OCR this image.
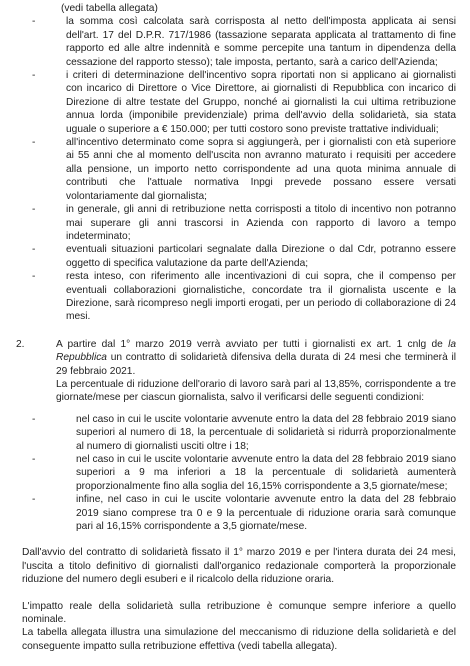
(vedi tabella allegata)
-	la somma così calcolata sarà corrisposta al netto dell'imposta applicata ai sensi dell'art. 17 del D.P.R. 717/1986 (tassazione separata applicata al trattamento di fine rapporto ed alle altre indennità e somme percepite una tantum in dipendenza della cessazione del rapporto stesso); tale imposta, pertanto, sarà a carico dell'Azienda;
-	i criteri di determinazione dell'incentivo sopra riportati non si applicano ai giornalisti con incarico di Direttore o Vice Direttore, ai giornalisti di Repubblica con incarico di Direzione di altre testate del Gruppo, nonché ai giornalisti la cui ultima retribuzione annua lorda (imponibile previdenziale) prima dell'avvio della solidarietà, sia stata uguale o superiore a € 150.000; per tutti costoro sono previste trattative individuali;
-	all'incentivo determinato come sopra si aggiungerà, per i giornalisti con età superiore ai 55 anni che al momento dell'uscita non avranno maturato i requisiti per accedere alla pensione, un importo netto corrispondente ad una quota minima annuale di contributi che l'attuale normativa Inpgi prevede possano essere versati volontariamente dal giornalista;
-	in generale, gli anni di retribuzione netta corrisposti a titolo di incentivo non potranno mai superare gli anni trascorsi in Azienda con rapporto di lavoro a tempo indeterminato;
-	eventuali situazioni particolari segnalate dalla Direzione o dal Cdr, potranno essere oggetto di specifica valutazione da parte dell'Azienda;
-	resta inteso, con riferimento alle incentivazioni di cui sopra, che il compenso per eventuali collaborazioni giornalistiche, concordate tra il giornalista uscente e la Direzione, sarà ricompreso negli importi erogati, per un periodo di collaborazione di 24 mesi.
2.	A partire dal 1° marzo 2019 verrà avviato per tutti i giornalisti ex art. 1 cnlg de la Repubblica un contratto di solidarietà difensiva della durata di 24 mesi che terminerà il 29 febbraio 2021.
La percentuale di riduzione dell'orario di lavoro sarà pari al 13,85%, corrispondente a tre giornate/mese per ciascun giornalista, salvo il verificarsi delle seguenti condizioni:
-	nel caso in cui le uscite volontarie avvenute entro la data del 28 febbraio 2019 siano superiori al numero di 18, la percentuale di solidarietà si ridurrà proporzionalmente al numero di giornalisti usciti oltre i 18;
-	nel caso in cui le uscite volontarie avvenute entro la data del 28 febbraio 2019 siano superiori a 9 ma inferiori a 18 la percentuale di solidarietà aumenterà proporzionalmente fino alla soglia del 16,15% corrispondente a 3,5 giornate/mese;
-	infine, nel caso in cui le uscite volontarie avvenute entro la data del 28 febbraio 2019 siano comprese tra 0 e 9 la percentuale di riduzione oraria sarà comunque pari al 16,15% corrispondente a 3,5 giornate/mese.

Dall'avvio del contratto di solidarietà fissato il 1° marzo 2019 e per l'intera durata dei 24 mesi, l'uscita a titolo definitivo di giornalisti dall'organico redazionale comporterà la proporzionale riduzione del numero degli esuberi e il ricalcolo della riduzione oraria.

L'impatto reale della solidarietà sulla retribuzione è comunque sempre inferiore a quello nominale.

La tabella allegata illustra una simulazione del meccanismo di riduzione della solidarietà e del conseguente impatto sulla retribuzione effettiva (vedi tabella allegata).
